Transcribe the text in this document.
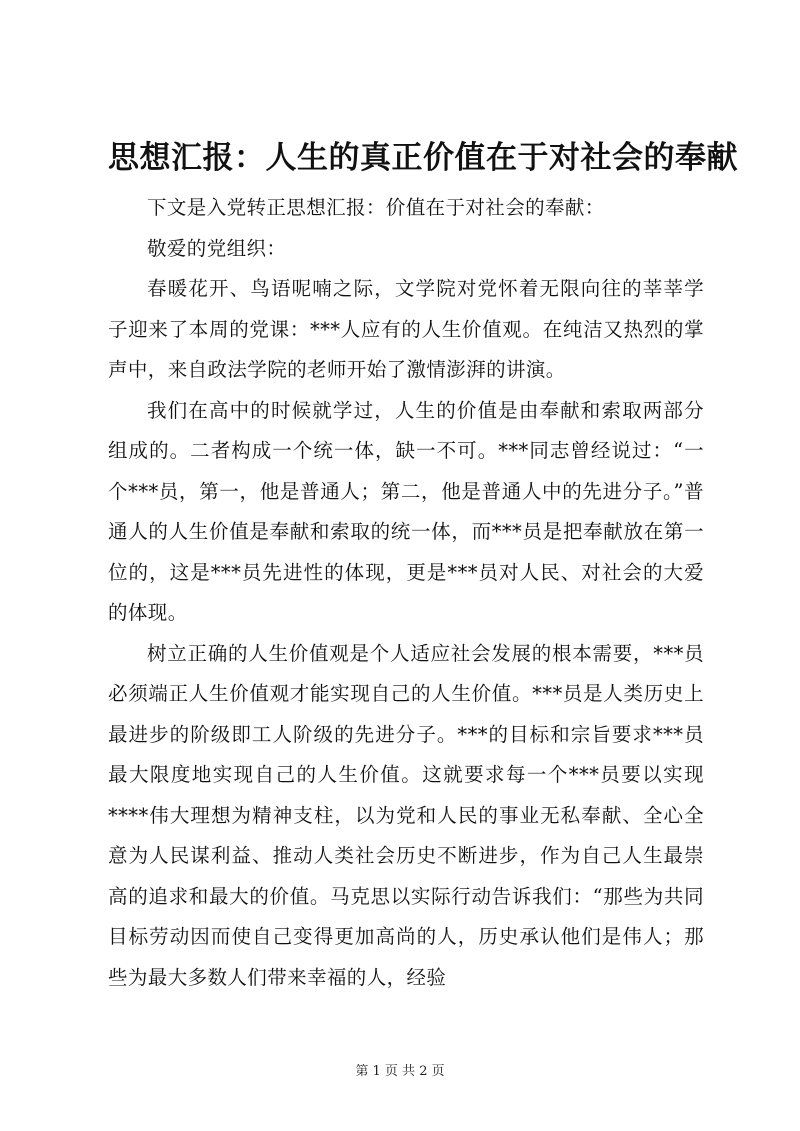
思想汇报：人生的真正价值在于对社会的奉献

下文是入党转正思想汇报：价值在于对社会的奉献：

敬爱的党组织：

春暖花开、鸟语呢喃之际，文学院对党怀着无限向往的莘莘学子迎来了本周的党课：***人应有的人生价值观。在纯洁又热烈的掌声中，来自政法学院的老师开始了激情澎湃的讲演。

我们在高中的时候就学过，人生的价值是由奉献和索取两部分组成的。二者构成一个统一体，缺一不可。***同志曾经说过：“一个***员，第一，他是普通人；第二，他是普通人中的先进分子。”普通人的人生价值是奉献和索取的统一体，而***员是把奉献放在第一位的，这是***员先进性的体现，更是***员对人民、对社会的大爱的体现。

树立正确的人生价值观是个人适应社会发展的根本需要，***员必须端正人生价值观才能实现自己的人生价值。***员是人类历史上最进步的阶级即工人阶级的先进分子。***的目标和宗旨要求***员最大限度地实现自己的人生价值。这就要求每一个***员要以实现****伟大理想为精神支柱，以为党和人民的事业无私奉献、全心全意为人民谋利益、推动人类社会历史不断进步，作为自己人生最崇高的追求和最大的价值。马克思以实际行动告诉我们：“那些为共同目标劳动因而使自己变得更加高尚的人，历史承认他们是伟人；那些为最大多数人们带来幸福的人，经验

第 1 页 共 2 页
